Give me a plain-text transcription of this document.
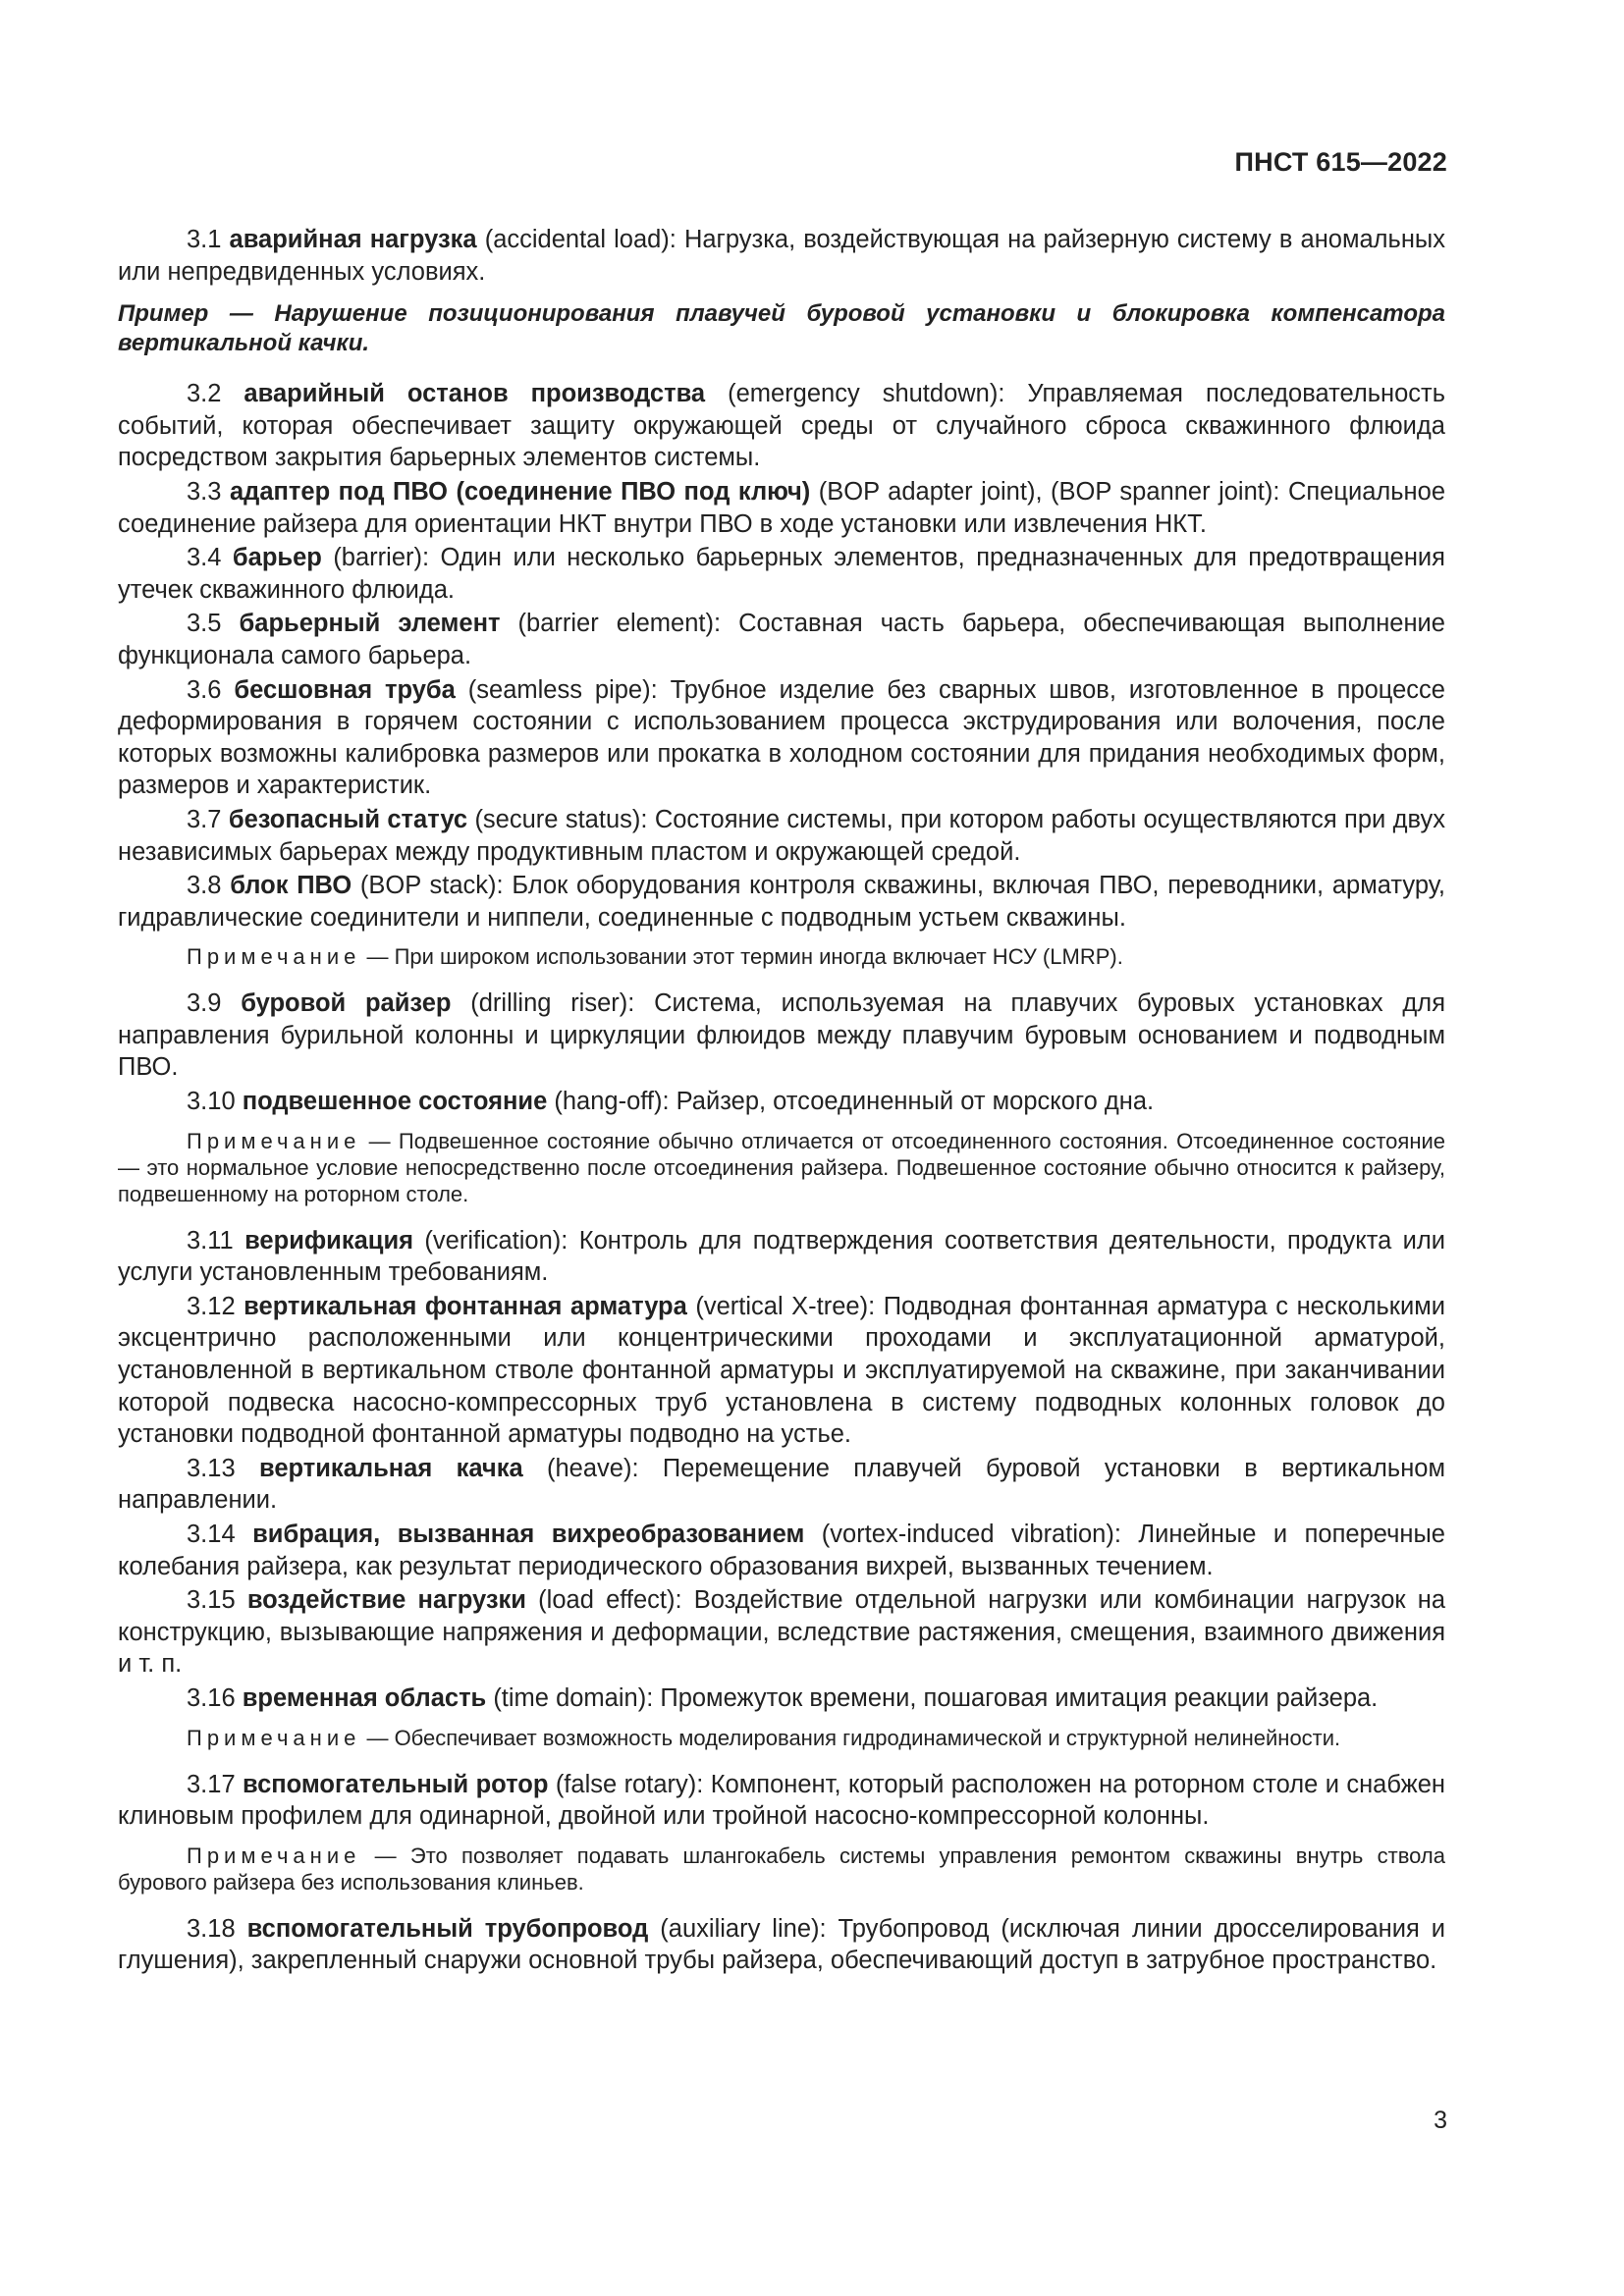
ПНСТ 615—2022

3.1 аварийная нагрузка (accidental load): Нагрузка, воздействующая на райзерную систему в аномальных или непредвиденных условиях.

Пример — Нарушение позиционирования плавучей буровой установки и блокировка компенсатора вертикальной качки.

3.2 аварийный останов производства (emergency shutdown): Управляемая последовательность событий, которая обеспечивает защиту окружающей среды от случайного сброса скважинного флюида посредством закрытия барьерных элементов системы.

3.3 адаптер под ПВО (соединение ПВО под ключ) (BOP adapter joint), (BOP spanner joint): Специальное соединение райзера для ориентации НКТ внутри ПВО в ходе установки или извлечения НКТ.

3.4 барьер (barrier): Один или несколько барьерных элементов, предназначенных для предотвращения утечек скважинного флюида.

3.5 барьерный элемент (barrier element): Составная часть барьера, обеспечивающая выполнение функционала самого барьера.

3.6 бесшовная труба (seamless pipe): Трубное изделие без сварных швов, изготовленное в процессе деформирования в горячем состоянии с использованием процесса экструдирования или волочения, после которых возможны калибровка размеров или прокатка в холодном состоянии для придания необходимых форм, размеров и характеристик.

3.7 безопасный статус (secure status): Состояние системы, при котором работы осуществляются при двух независимых барьерах между продуктивным пластом и окружающей средой.

3.8 блок ПВО (BOP stack): Блок оборудования контроля скважины, включая ПВО, переводники, арматуру, гидравлические соединители и ниппели, соединенные с подводным устьем скважины.

Примечание — При широком использовании этот термин иногда включает НСУ (LMRP).

3.9 буровой райзер (drilling riser): Система, используемая на плавучих буровых установках для направления бурильной колонны и циркуляции флюидов между плавучим буровым основанием и подводным ПВО.

3.10 подвешенное состояние (hang-off): Райзер, отсоединенный от морского дна.

Примечание — Подвешенное состояние обычно отличается от отсоединенного состояния. Отсоединенное состояние — это нормальное условие непосредственно после отсоединения райзера. Подвешенное состояние обычно относится к райзеру, подвешенному на роторном столе.

3.11 верификация (verification): Контроль для подтверждения соответствия деятельности, продукта или услуги установленным требованиям.

3.12 вертикальная фонтанная арматура (vertical X-tree): Подводная фонтанная арматура с несколькими эксцентрично расположенными или концентрическими проходами и эксплуатационной арматурой, установленной в вертикальном стволе фонтанной арматуры и эксплуатируемой на скважине, при заканчивании которой подвеска насосно-компрессорных труб установлена в систему подводных колонных головок до установки подводной фонтанной арматуры подводно на устье.

3.13 вертикальная качка (heave): Перемещение плавучей буровой установки в вертикальном направлении.

3.14 вибрация, вызванная вихреобразованием (vortex-induced vibration): Линейные и поперечные колебания райзера, как результат периодического образования вихрей, вызванных течением.

3.15 воздействие нагрузки (load effect): Воздействие отдельной нагрузки или комбинации нагрузок на конструкцию, вызывающие напряжения и деформации, вследствие растяжения, смещения, взаимного движения и т. п.

3.16 временная область (time domain): Промежуток времени, пошаговая имитация реакции райзера.

Примечание — Обеспечивает возможность моделирования гидродинамической и структурной нелинейности.

3.17 вспомогательный ротор (false rotary): Компонент, который расположен на роторном столе и снабжен клиновым профилем для одинарной, двойной или тройной насосно-компрессорной колонны.

Примечание — Это позволяет подавать шлангокабель системы управления ремонтом скважины внутрь ствола бурового райзера без использования клиньев.

3.18 вспомогательный трубопровод (auxiliary line): Трубопровод (исключая линии дросселирования и глушения), закрепленный снаружи основной трубы райзера, обеспечивающий доступ в затрубное пространство.

3
